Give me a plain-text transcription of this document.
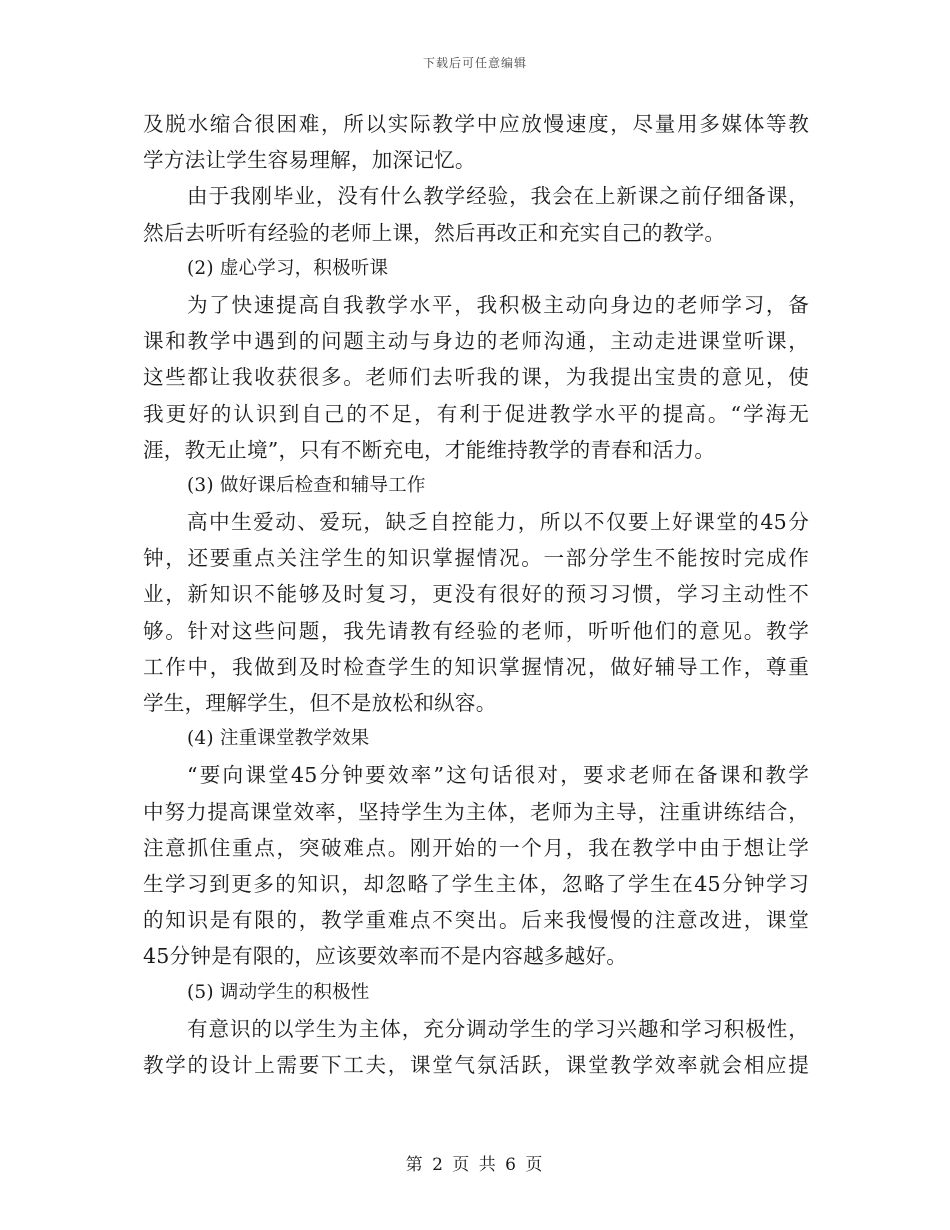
下载后可任意编辑
及脱水缩合很困难，所以实际教学中应放慢速度，尽量用多媒体等教
学方法让学生容易理解，加深记忆。
由于我刚毕业，没有什么教学经验，我会在上新课之前仔细备课，
然后去听听有经验的老师上课，然后再改正和充实自己的教学。
(2) 虚心学习，积极听课
为了快速提高自我教学水平，我积极主动向身边的老师学习，备
课和教学中遇到的问题主动与身边的老师沟通，主动走进课堂听课，
这些都让我收获很多。老师们去听我的课，为我提出宝贵的意见，使
我更好的认识到自己的不足，有利于促进教学水平的提高。“学海无
涯，教无止境”，只有不断充电，才能维持教学的青春和活力。
(3) 做好课后检查和辅导工作
高中生爱动、爱玩，缺乏自控能力，所以不仅要上好课堂的45分
钟，还要重点关注学生的知识掌握情况。一部分学生不能按时完成作
业，新知识不能够及时复习，更没有很好的预习习惯，学习主动性不
够。针对这些问题，我先请教有经验的老师，听听他们的意见。教学
工作中，我做到及时检查学生的知识掌握情况，做好辅导工作，尊重
学生，理解学生，但不是放松和纵容。
(4) 注重课堂教学效果
“要向课堂45分钟要效率”这句话很对，要求老师在备课和教学
中努力提高课堂效率，坚持学生为主体，老师为主导，注重讲练结合，
注意抓住重点，突破难点。刚开始的一个月，我在教学中由于想让学
生学习到更多的知识，却忽略了学生主体，忽略了学生在45分钟学习
的知识是有限的，教学重难点不突出。后来我慢慢的注意改进，课堂
45分钟是有限的，应该要效率而不是内容越多越好。
(5) 调动学生的积极性
有意识的以学生为主体，充分调动学生的学习兴趣和学习积极性，
教学的设计上需要下工夫，课堂气氛活跃，课堂教学效率就会相应提
第 2 页 共 6 页
